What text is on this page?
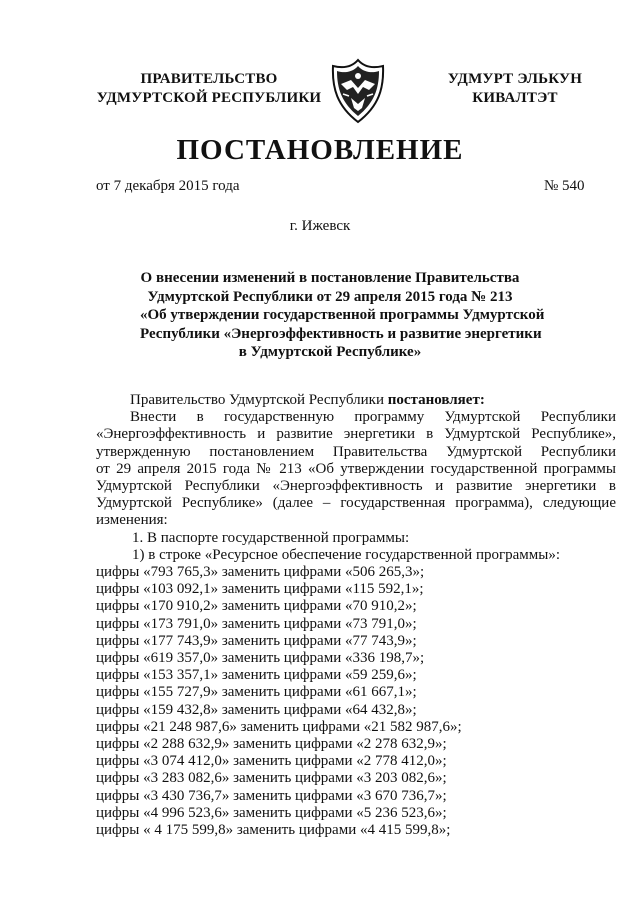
ПРАВИТЕЛЬСТВО
УДМУРТСКОЙ РЕСПУБЛИКИ
УДМУРТ ЭЛЬКУН
КИВАЛТЭТ
ПОСТАНОВЛЕНИЕ
от 7 декабря 2015 года	№ 540
г. Ижевск
О внесении изменений в постановление Правительства
Удмуртской Республики от 29 апреля 2015 года № 213
«Об утверждении государственной программы Удмуртской
Республики «Энергоэффективность и развитие энергетики
в Удмуртской Республике»
Правительство Удмуртской Республики постановляет:
Внести в государственную программу Удмуртской Республики
«Энергоэффективность и развитие энергетики в Удмуртской Республике»,
утвержденную постановлением Правительства Удмуртской Республики
от 29 апреля 2015 года № 213 «Об утверждении государственной программы
Удмуртской Республики «Энергоэффективность и развитие энергетики в
Удмуртской Республике» (далее – государственная программа), следующие
изменения:
1. В паспорте государственной программы:
1) в строке «Ресурсное обеспечение государственной программы»:
цифры «793 765,3» заменить цифрами «506 265,3»;
цифры «103 092,1» заменить цифрами «115 592,1»;
цифры «170 910,2» заменить цифрами «70 910,2»;
цифры «173 791,0» заменить цифрами «73 791,0»;
цифры «177 743,9» заменить цифрами «77 743,9»;
цифры «619 357,0» заменить цифрами «336 198,7»;
цифры «153 357,1» заменить цифрами «59 259,6»;
цифры «155 727,9» заменить цифрами «61 667,1»;
цифры «159 432,8» заменить цифрами «64 432,8»;
цифры «21 248 987,6» заменить цифрами «21 582 987,6»;
цифры «2 288 632,9» заменить цифрами «2 278 632,9»;
цифры «3 074 412,0» заменить цифрами «2 778 412,0»;
цифры «3 283 082,6» заменить цифрами «3 203 082,6»;
цифры «3 430 736,7» заменить цифрами «3 670 736,7»;
цифры «4 996 523,6» заменить цифрами «5 236 523,6»;
цифры « 4 175 599,8» заменить цифрами «4 415 599,8»;
